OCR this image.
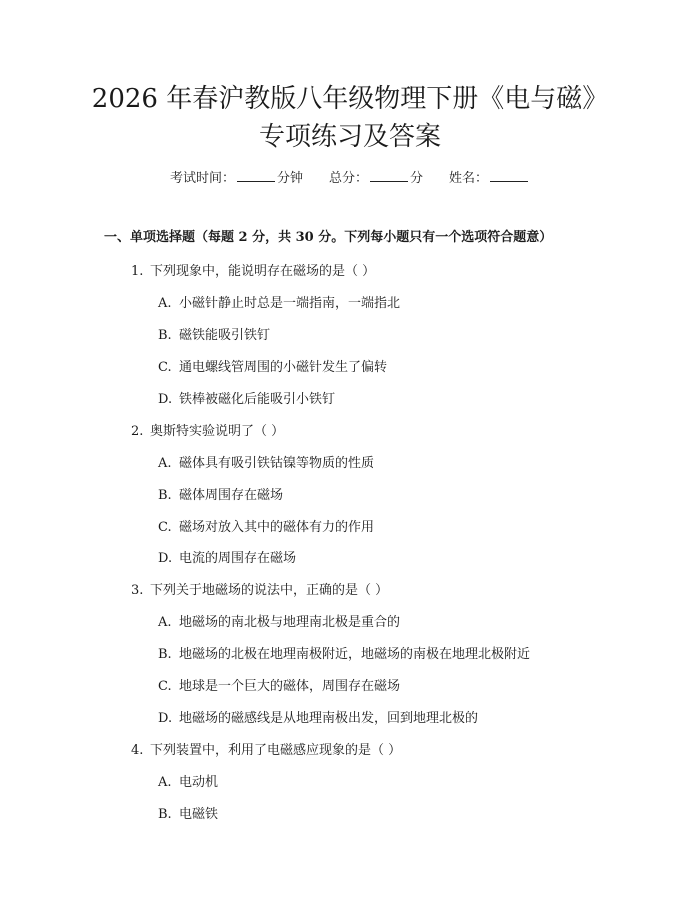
2026 年春沪教版八年级物理下册《电与磁》
专项练习及答案
考试时间：	分钟 总分：	分 姓名：
一、单项选择题（每题 2 分，共 30 分。下列每小题只有一个选项符合题意）
1. 下列现象中，能说明存在磁场的是（ ）
A. 小磁针静止时总是一端指南，一端指北
B. 磁铁能吸引铁钉
C. 通电螺线管周围的小磁针发生了偏转
D. 铁棒被磁化后能吸引小铁钉
2. 奥斯特实验说明了（ ）
A. 磁体具有吸引铁钴镍等物质的性质
B. 磁体周围存在磁场
C. 磁场对放入其中的磁体有力的作用
D. 电流的周围存在磁场
3. 下列关于地磁场的说法中，正确的是（ ）
A. 地磁场的南北极与地理南北极是重合的
B. 地磁场的北极在地理南极附近，地磁场的南极在地理北极附近
C. 地球是一个巨大的磁体，周围存在磁场
D. 地磁场的磁感线是从地理南极出发，回到地理北极的
4. 下列装置中，利用了电磁感应现象的是（ ）
A. 电动机
B. 电磁铁
